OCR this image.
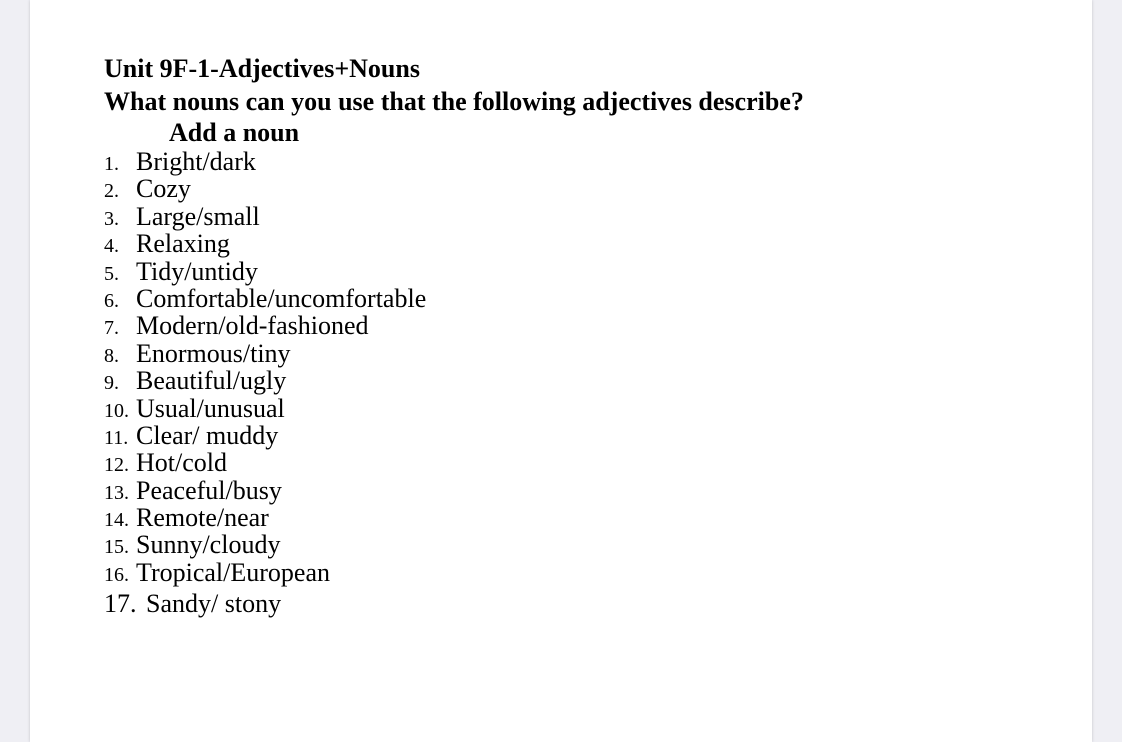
Unit 9F-1-Adjectives+Nouns

What nouns can you use that the following adjectives describe?

Add a noun

1. Bright/dark
2. Cozy
3. Large/small
4. Relaxing
5. Tidy/untidy
6. Comfortable/uncomfortable
7. Modern/old-fashioned
8. Enormous/tiny
9. Beautiful/ugly
10. Usual/unusual
11. Clear/ muddy
12. Hot/cold
13. Peaceful/busy
14. Remote/near
15. Sunny/cloudy
16. Tropical/European
17. Sandy/ stony
